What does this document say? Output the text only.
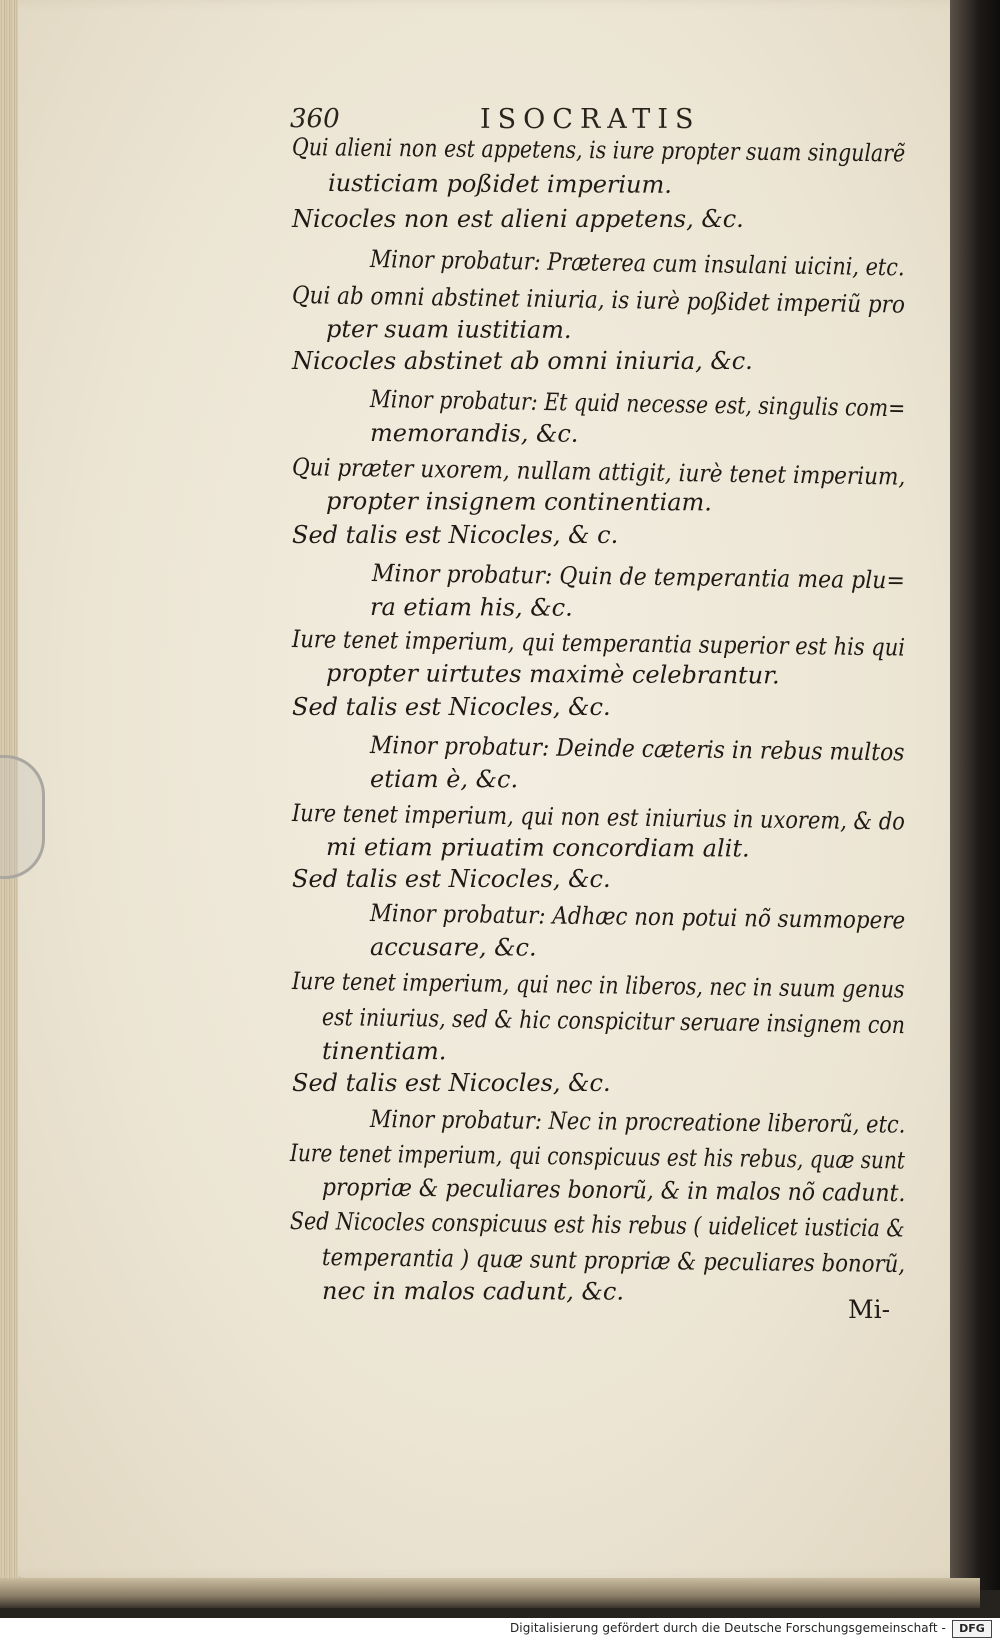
360	ISOCRATIS
Qui alieni non est appetens, is iure propter suam singularẽ
iusticiam poßidet imperium.
Nicocles non est alieni appetens, &c.
Minor probatur: Præterea cum insulani uicini, etc.
Qui ab omni abstinet iniuria, is iurè poßidet imperiũ pro
pter suam iustitiam.
Nicocles abstinet ab omni iniuria, &c.
Minor probatur: Et quid necesse est, singulis com=
memorandis, &c.
Qui præter uxorem, nullam attigit, iurè tenet imperium,
propter insignem continentiam.
Sed talis est Nicocles, & c.
Minor probatur: Quin de temperantia mea plu=
ra etiam his, &c.
Iure tenet imperium, qui temperantia superior est his qui
propter uirtutes maximè celebrantur.
Sed talis est Nicocles, &c.
Minor probatur: Deinde cæteris in rebus multos
etiam è, &c.
Iure tenet imperium, qui non est iniurius in uxorem, & do
mi etiam priuatim concordiam alit.
Sed talis est Nicocles, &c.
Minor probatur: Adhæc non potui nõ summopere
accusare, &c.
Iure tenet imperium, qui nec in liberos, nec in suum genus
est iniurius, sed & hic conspicitur seruare insignem con
tinentiam.
Sed talis est Nicocles, &c.
Minor probatur: Nec in procreatione liberorũ, etc.
Iure tenet imperium, qui conspicuus est his rebus, quæ sunt
propriæ & peculiares bonorũ, & in malos nõ cadunt.
Sed Nicocles conspicuus est his rebus ( uidelicet iusticia &
temperantia ) quæ sunt propriæ & peculiares bonorũ,
nec in malos cadunt, &c.
Mi-
Digitalisierung gefördert durch die Deutsche Forschungsgemeinschaft -	DFG
